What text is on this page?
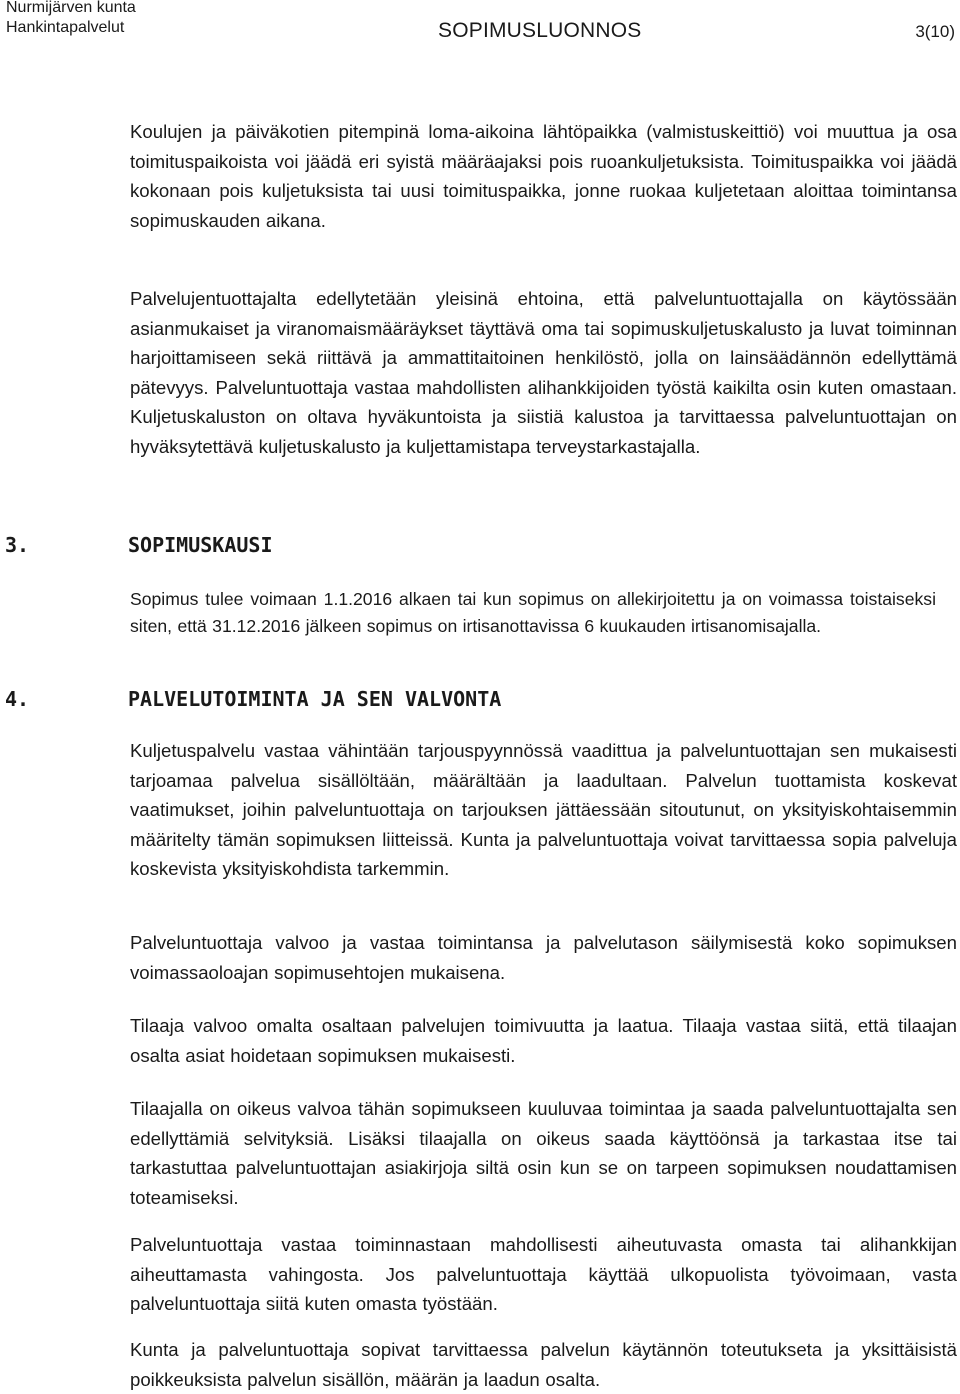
Nurmijärven kunta
Hankintapalvelut	SOPIMUSLUONNOS	3(10)

Koulujen ja päiväkotien pitempinä loma-aikoina lähtöpaikka (valmistuskeittiö) voi muuttua ja osa toimituspaikoista voi jäädä eri syistä määräajaksi pois ruoankuljetuksista. Toimituspaikka voi jäädä kokonaan pois kuljetuksista tai uusi toimituspaikka, jonne ruokaa kuljetetaan aloittaa toimintansa sopimuskauden aikana.

Palvelujentuottajalta edellytetään yleisinä ehtoina, että palveluntuottajalla on käytössään asianmukaiset ja viranomaismääräykset täyttävä oma tai sopimuskuljetuskalusto ja luvat toiminnan harjoittamiseen sekä riittävä ja ammattitaitoinen henkilöstö, jolla on lainsäädännön edellyttämä pätevyys. Palveluntuottaja vastaa mahdollisten alihankkijoiden työstä kaikilta osin kuten omastaan. Kuljetuskaluston on oltava hyväkuntoista ja siistiä kalustoa ja tarvittaessa palveluntuottajan on hyväksytettävä kuljetuskalusto ja kuljettamistapa terveystarkastajalla.

3.	SOPIMUSKAUSI

Sopimus tulee voimaan 1.1.2016 alkaen tai kun sopimus on allekirjoitettu ja on voimassa toistaiseksi siten, että 31.12.2016 jälkeen sopimus on irtisanottavissa 6 kuukauden irtisanomisajalla.

4.	PALVELUTOIMINTA JA SEN VALVONTA

Kuljetuspalvelu vastaa vähintään tarjouspyynnössä vaadittua ja palveluntuottajan sen mukaisesti tarjoamaa palvelua sisällöltään, määrältään ja laadultaan. Palvelun tuottamista koskevat vaatimukset, joihin palveluntuottaja on tarjouksen jättäessään sitoutunut, on yksityiskohtaisemmin määritelty tämän sopimuksen liitteissä. Kunta ja palveluntuottaja voivat tarvittaessa sopia palveluja koskevista yksityiskohdista tarkemmin.

Palveluntuottaja valvoo ja vastaa toimintansa ja palvelutason säilymisestä koko sopimuksen voimassaoloajan sopimusehtojen mukaisena.

Tilaaja valvoo omalta osaltaan palvelujen toimivuutta ja laatua. Tilaaja vastaa siitä, että tilaajan osalta asiat hoidetaan sopimuksen mukaisesti.

Tilaajalla on oikeus valvoa tähän sopimukseen kuuluvaa toimintaa ja saada palveluntuottajalta sen edellyttämiä selvityksiä. Lisäksi tilaajalla on oikeus saada käyttöönsä ja tarkastaa itse tai tarkastuttaa palveluntuottajan asiakirjoja siltä osin kun se on tarpeen sopimuksen noudattamisen toteamiseksi.

Palveluntuottaja vastaa toiminnastaan mahdollisesti aiheutuvasta omasta tai alihankkijan aiheuttamasta vahingosta. Jos palveluntuottaja käyttää ulkopuolista työvoimaan, vasta palveluntuottaja siitä kuten omasta työstään.

Kunta ja palveluntuottaja sopivat tarvittaessa palvelun käytännön toteutukseta ja yksittäisistä poikkeuksista palvelun sisällön, määrän ja laadun osalta.
